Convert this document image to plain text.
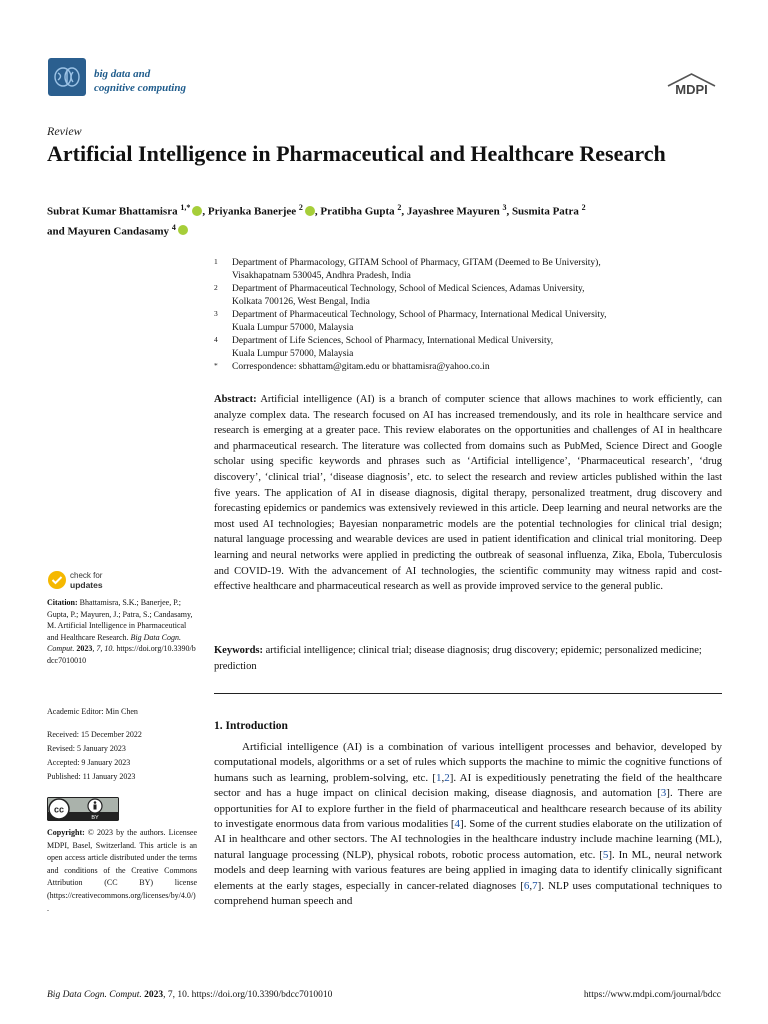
big data and
cognitive computing	MDPI
Review
Artificial Intelligence in Pharmaceutical and Healthcare Research
Subrat Kumar Bhattamisra $^{1,*}$ , Priyanka Banerjee $^2$ , Pratibha Gupta $^2$, Jayashree Mayuren $^3$, Susmita Patra $^2$
and Mayuren Candasamy $^4$
1 Department of Pharmacology, GITAM School of Pharmacy, GITAM (Deemed to Be University),
Visakhapatnam 530045, Andhra Pradesh, India
2 Department of Pharmaceutical Technology, School of Medical Sciences, Adamas University,
Kolkata 700126, West Bengal, India
3 Department of Pharmaceutical Technology, School of Pharmacy, International Medical University,
Kuala Lumpur 57000, Malaysia
4 Department of Life Sciences, School of Pharmacy, International Medical University,
Kuala Lumpur 57000, Malaysia
* Correspondence: sbhattam@gitam.edu or bhattamisra@yahoo.co.in
Abstract: Artificial intelligence (AI) is a branch of computer science that allows machines to work efficiently, can analyze complex data. The research focused on AI has increased tremendously, and its role in healthcare service and research is emerging at a greater pace. This review elaborates on the opportunities and challenges of AI in healthcare and pharmaceutical research. The literature was collected from domains such as PubMed, Science Direct and Google scholar using specific keywords and phrases such as ‘Artificial intelligence’, ‘Pharmaceutical research’, ‘drug discovery’, ‘clinical trial’, ‘disease diagnosis’, etc. to select the research and review articles published within the last five years. The application of AI in disease diagnosis, digital therapy, personalized treatment, drug discovery and forecasting epidemics or pandemics was extensively reviewed in this article. Deep learning and neural networks are the most used AI technologies; Bayesian nonparametric models are the potential technologies for clinical trial design; natural language processing and wearable devices are used in patient identification and clinical trial monitoring. Deep learning and neural networks were applied in predicting the outbreak of seasonal influenza, Zika, Ebola, Tuberculosis and COVID-19. With the advancement of AI technologies, the scientific community may witness rapid and cost-effective healthcare and pharmaceutical research as well as provide improved service to the general public.
Keywords: artificial intelligence; clinical trial; disease diagnosis; drug discovery; epidemic; personalized medicine; prediction
1. Introduction
Artificial intelligence (AI) is a combination of various intelligent processes and behavior, developed by computational models, algorithms or a set of rules which supports the machine to mimic the cognitive functions of humans such as learning, problem-solving, etc. [1,2]. AI is expeditiously penetrating the field of the healthcare sector and has a huge impact on clinical decision making, disease diagnosis, and automation [3]. There are opportunities for AI to explore further in the field of pharmaceutical and healthcare research because of its ability to investigate enormous data from various modalities [4]. Some of the current studies elaborate on the utilization of AI in healthcare and other sectors. The AI technologies in the healthcare industry include machine learning (ML), natural language processing (NLP), physical robots, robotic process automation, etc. [5]. In ML, neural network models and deep learning with various features are being applied in imaging data to identify clinically significant elements at the early stages, especially in cancer-related diagnoses [6,7]. NLP uses computational techniques to comprehend human speech and
check for
updates
Citation: Bhattamisra, S.K.; Banerjee, P.; Gupta, P.; Mayuren, J.; Patra, S.; Candasamy, M. Artificial Intelligence in Pharmaceutical and Healthcare Research. Big Data Cogn. Comput. 2023, 7, 10. https://doi.org/10.3390/bdcc7010010
Academic Editor: Min Chen
Received: 15 December 2022
Revised: 5 January 2023
Accepted: 9 January 2023
Published: 11 January 2023
cc
BY
Copyright: © 2023 by the authors. Licensee MDPI, Basel, Switzerland. This article is an open access article distributed under the terms and conditions of the Creative Commons Attribution (CC BY) license (https://creativecommons.org/licenses/by/4.0/).
Big Data Cogn. Comput. 2023, 7, 10. https://doi.org/10.3390/bdcc7010010	https://www.mdpi.com/journal/bdcc
